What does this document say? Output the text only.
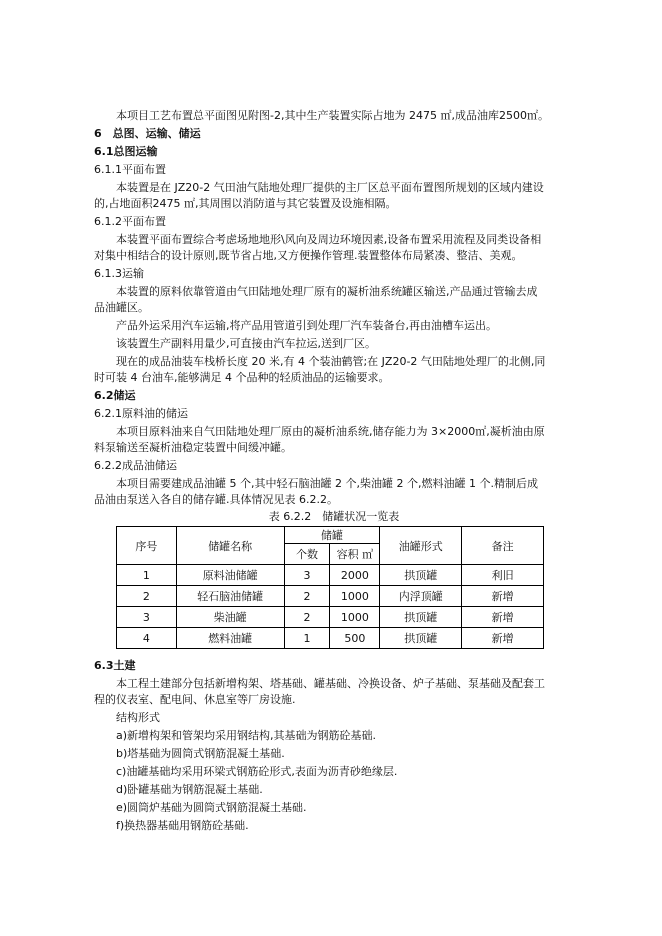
本项目工艺布置总平面图见附图-2,其中生产装置实际占地为 2475 ㎡,成品油库2500㎡。
6　总图、运输、储运
6.1总图运输
6.1.1平面布置
本装置是在 JZ20-2 气田油气陆地处理厂提供的主厂区总平面布置图所规划的区域内建设
的,占地面积2475 ㎡,其周围以消防道与其它装置及设施相隔。
6.1.2平面布置
本装置平面布置综合考虑场地地形\风向及周边环境因素,设备布置采用流程及同类设备相
对集中相结合的设计原则,既节省占地,又方便操作管理.装置整体布局紧凑、整洁、美观。
6.1.3运输
本装置的原料依靠管道由气田陆地处理厂原有的凝析油系统罐区输送,产品通过管输去成
品油罐区。
产品外运采用汽车运输,将产品用管道引到处理厂汽车装备台,再由油槽车运出。
该装置生产副料用量少,可直接由汽车拉运,送到厂区。
现在的成品油装车栈桥长度 20 米,有 4 个装油鹤管;在 JZ20-2 气田陆地处理厂的北侧,同
时可装 4 台油车,能够满足 4 个品种的轻质油品的运输要求。
6.2储运
6.2.1原料油的储运
本项目原料油来自气田陆地处理厂原由的凝析油系统,储存能力为 3×2000㎡,凝析油由原
料泵输送至凝析油稳定装置中间缓冲罐。
6.2.2成品油储运
本项目需要建成品油罐 5 个,其中轻石脑油罐 2 个,柴油罐 2 个,燃料油罐 1 个.精制后成
品油由泵送入各自的储存罐.具体情况见表 6.2.2。
6.3土建
本工程土建部分包括新增构架、塔基础、罐基础、冷换设备、炉子基础、泵基础及配套工
程的仪表室、配电间、休息室等厂房设施.
结构形式
a)新增构架和管架均采用钢结构,其基础为钢筋砼基础.
b)塔基础为圆筒式钢筋混凝土基础.
c)油罐基础均采用环梁式钢筋砼形式,表面为沥青砂绝缘层.
d)卧罐基础为钢筋混凝土基础.
e)圆筒炉基础为圆筒式钢筋混凝土基础.
f)换热器基础用钢筋砼基础.
表 6.2.2　储罐状况一览表
序号	储罐名称	储罐		油罐形式	备注
		个数	容积 ㎥		
1	原料油储罐	3	2000	拱顶罐	利旧
2	轻石脑油储罐	2	1000	内浮顶罐	新增
3	柴油罐	2	1000	拱顶罐	新增
4	燃料油罐	1	500	拱顶罐	新增
